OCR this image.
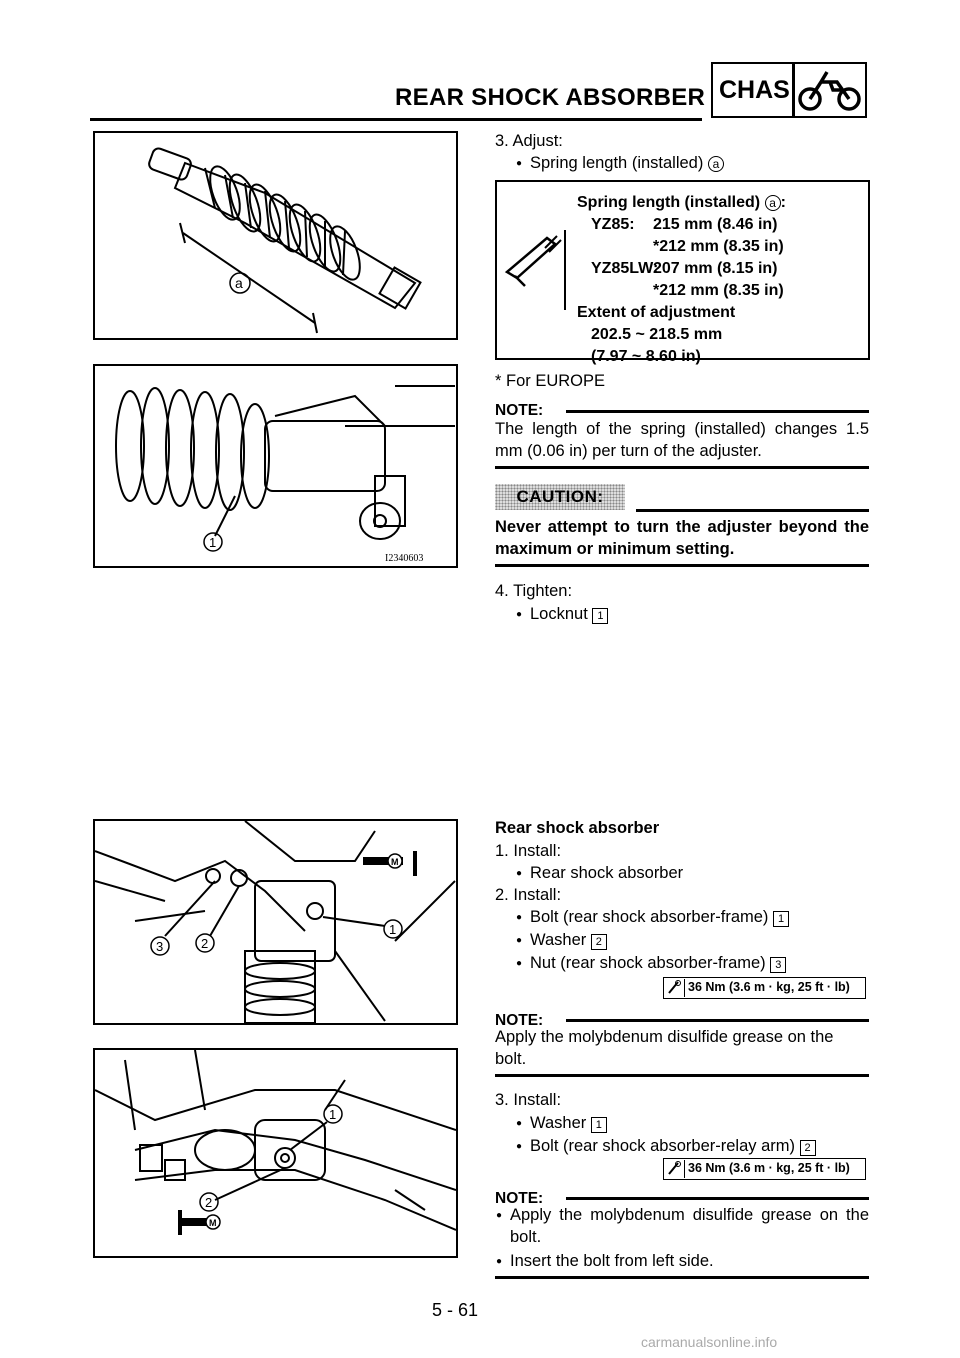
REAR SHOCK ABSORBER CHAS
a
1
I2340603
3. Adjust:
● Spring length (installed) a
Spring length (installed) a :
YZ85: 215 mm (8.46 in)
*212 mm (8.35 in)
YZ85LW:207 mm (8.15 in)
*212 mm (8.35 in)
Extent of adjustment
202.5 ~ 218.5 mm
(7.97 ~ 8.60 in)
* For EUROPE
NOTE:
The length of the spring (installed) changes 1.5 mm (0.06 in) per turn of the adjuster.
CAUTION:
Never attempt to turn the adjuster beyond the maximum or minimum setting.
4. Tighten:
● Locknut 1
M
3	2
1
M
1
2
Rear shock absorber
1. Install:
● Rear shock absorber
2. Install:
● Bolt (rear shock absorber-frame) 1
● Washer 2
● Nut (rear shock absorber-frame) 3
36 Nm (3.6 m · kg, 25 ft · lb)
NOTE:
Apply the molybdenum disulfide grease on the bolt.
3. Install:
● Washer 1
● Bolt (rear shock absorber-relay arm) 2
36 Nm (3.6 m · kg, 25 ft · lb)
NOTE:
● Apply the molybdenum disulfide grease on the bolt.
● Insert the bolt from left side.
5 - 61
carmanualsonline.info
